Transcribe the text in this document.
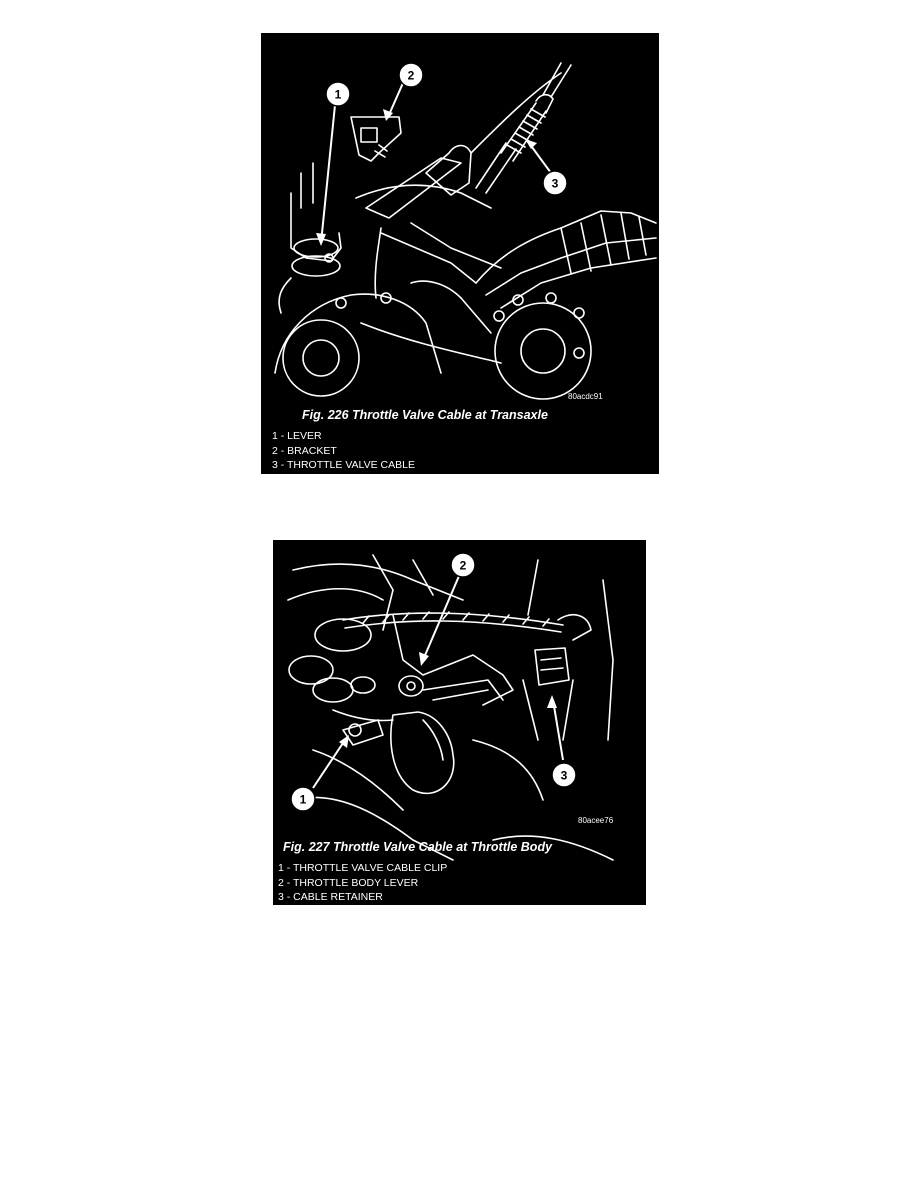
1
2
3
80acdc91
Fig. 226 Throttle Valve Cable at Transaxle
1 - LEVER
2 - BRACKET
3 - THROTTLE VALVE CABLE
1
2
3
80acee76
Fig. 227 Throttle Valve Cable at Throttle Body
1 - THROTTLE VALVE CABLE CLIP
2 - THROTTLE BODY LEVER
3 - CABLE RETAINER
